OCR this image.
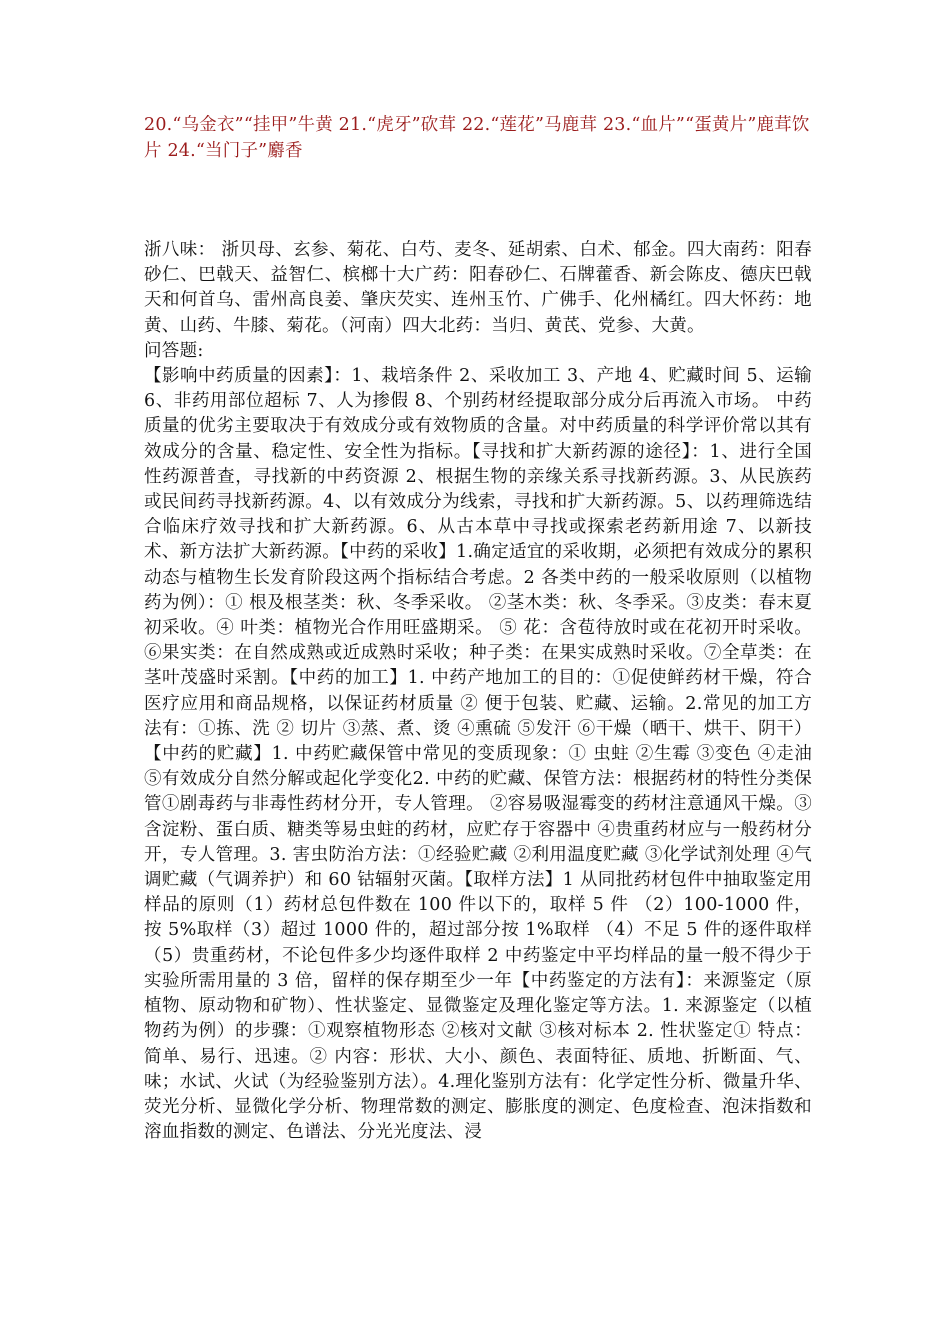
20.“乌金衣”“挂甲”牛黄 21.“虎牙”砍茸 22.“莲花”马鹿茸 23.“血片”“蛋黄片”鹿茸饮片 24.“当门子”麝香

浙八味： 浙贝母、玄参、菊花、白芍、麦冬、延胡索、白术、郁金。四大南药：阳春砂仁、巴戟天、益智仁、槟榔十大广药：阳春砂仁、石牌藿香、新会陈皮、德庆巴戟天和何首乌、雷州高良姜、肇庆芡实、连州玉竹、广佛手、化州橘红。四大怀药：地黄、山药、牛膝、菊花。（河南）四大北药：当归、黄芪、党参、大黄。

问答题:

【影响中药质量的因素】：1、栽培条件 2、采收加工 3、产地 4、贮藏时间 5、运输 6、非药用部位超标 7、人为掺假 8、个别药材经提取部分成分后再流入市场。 中药质量的优劣主要取决于有效成分或有效物质的含量。对中药质量的科学评价常以其有效成分的含量、稳定性、安全性为指标。【寻找和扩大新药源的途径】：1、进行全国性药源普查，寻找新的中药资源 2、根据生物的亲缘关系寻找新药源。3、从民族药或民间药寻找新药源。4、以有效成分为线索，寻找和扩大新药源。5、以药理筛选结合临床疗效寻找和扩大新药源。6、从古本草中寻找或探索老药新用途 7、以新技术、新方法扩大新药源。【中药的采收】1.确定适宜的采收期，必须把有效成分的累积动态与植物生长发育阶段这两个指标结合考虑。2 各类中药的一般采收原则（以植物药为例）：① 根及根茎类：秋、冬季采收。 ②茎木类：秋、冬季采。③皮类：春末夏初采收。④ 叶类：植物光合作用旺盛期采。 ⑤ 花：含苞待放时或在花初开时采收。⑥果实类：在自然成熟或近成熟时采收；种子类：在果实成熟时采收。⑦全草类：在茎叶茂盛时采割。【中药的加工】1. 中药产地加工的目的：①促使鲜药材干燥，符合医疗应用和商品规格，以保证药材质量 ② 便于包装、贮藏、运输。2.常见的加工方法有：①拣、洗 ② 切片 ③蒸、煮、烫 ④熏硫 ⑤发汗 ⑥干燥（晒干、烘干、阴干）【中药的贮藏】1. 中药贮藏保管中常见的变质现象：① 虫蛀 ②生霉 ③变色 ④走油 ⑤有效成分自然分解或起化学变化2. 中药的贮藏、保管方法：根据药材的特性分类保管①剧毒药与非毒性药材分开，专人管理。 ②容易吸湿霉变的药材注意通风干燥。③含淀粉、蛋白质、糖类等易虫蛀的药材，应贮存于容器中 ④贵重药材应与一般药材分开，专人管理。3. 害虫防治方法：①经验贮藏 ②利用温度贮藏 ③化学试剂处理 ④气调贮藏（气调养护）和 60 钴辐射灭菌。【取样方法】1 从同批药材包件中抽取鉴定用样品的原则（1）药材总包件数在 100 件以下的，取样 5 件 （2）100-1000 件，按 5%取样（3）超过 1000 件的，超过部分按 1%取样 （4）不足 5 件的逐件取样（5）贵重药材，不论包件多少均逐件取样 2 中药鉴定中平均样品的量一般不得少于实验所需用量的 3 倍，留样的保存期至少一年【中药鉴定的方法有】：来源鉴定（原植物、原动物和矿物）、性状鉴定、显微鉴定及理化鉴定等方法。1. 来源鉴定（以植物药为例）的步骤：①观察植物形态 ②核对文献 ③核对标本 2. 性状鉴定① 特点：简单、易行、迅速。② 内容：形状、大小、颜色、表面特征、质地、折断面、气、味；水试、火试（为经验鉴别方法）。4.理化鉴别方法有：化学定性分析、微量升华、荧光分析、显微化学分析、物理常数的测定、膨胀度的测定、色度检查、泡沫指数和溶血指数的测定、色谱法、分光光度法、浸
